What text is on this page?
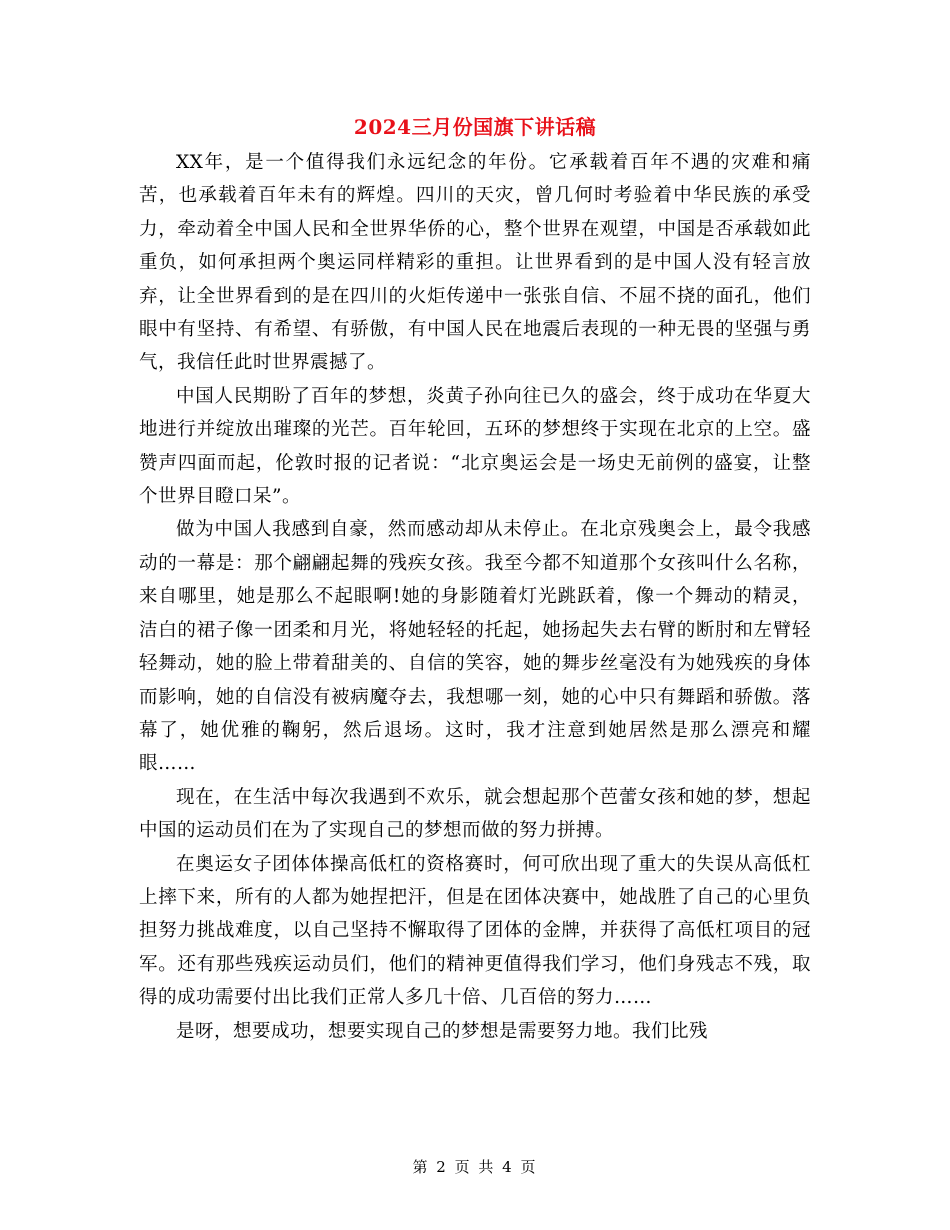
2024三月份国旗下讲话稿

XX年，是一个值得我们永远纪念的年份。它承载着百年不遇的灾难和痛苦，也承载着百年未有的辉煌。四川的天灾，曾几何时考验着中华民族的承受力，牵动着全中国人民和全世界华侨的心，整个世界在观望，中国是否承载如此重负，如何承担两个奥运同样精彩的重担。让世界看到的是中国人没有轻言放弃，让全世界看到的是在四川的火炬传递中一张张自信、不屈不挠的面孔，他们眼中有坚持、有希望、有骄傲，有中国人民在地震后表现的一种无畏的坚强与勇气，我信任此时世界震撼了。

中国人民期盼了百年的梦想，炎黄子孙向往已久的盛会，终于成功在华夏大地进行并绽放出璀璨的光芒。百年轮回，五环的梦想终于实现在北京的上空。盛赞声四面而起，伦敦时报的记者说：“北京奥运会是一场史无前例的盛宴，让整个世界目瞪口呆”。

做为中国人我感到自豪，然而感动却从未停止。在北京残奥会上，最令我感动的一幕是：那个翩翩起舞的残疾女孩。我至今都不知道那个女孩叫什么名称，来自哪里，她是那么不起眼啊!她的身影随着灯光跳跃着，像一个舞动的精灵，洁白的裙子像一团柔和月光，将她轻轻的托起，她扬起失去右臂的断肘和左臂轻轻舞动，她的脸上带着甜美的、自信的笑容，她的舞步丝毫没有为她残疾的身体而影响，她的自信没有被病魔夺去，我想哪一刻，她的心中只有舞蹈和骄傲。落幕了，她优雅的鞠躬，然后退场。这时，我才注意到她居然是那么漂亮和耀眼……

现在，在生活中每次我遇到不欢乐，就会想起那个芭蕾女孩和她的梦，想起中国的运动员们在为了实现自己的梦想而做的努力拼搏。

在奥运女子团体体操高低杠的资格赛时，何可欣出现了重大的失误从高低杠上摔下来，所有的人都为她捏把汗，但是在团体决赛中，她战胜了自己的心里负担努力挑战难度，以自己坚持不懈取得了团体的金牌，并获得了高低杠项目的冠军。还有那些残疾运动员们，他们的精神更值得我们学习，他们身残志不残，取得的成功需要付出比我们正常人多几十倍、几百倍的努力……

是呀，想要成功，想要实现自己的梦想是需要努力地。我们比残

第 2 页 共 4 页
